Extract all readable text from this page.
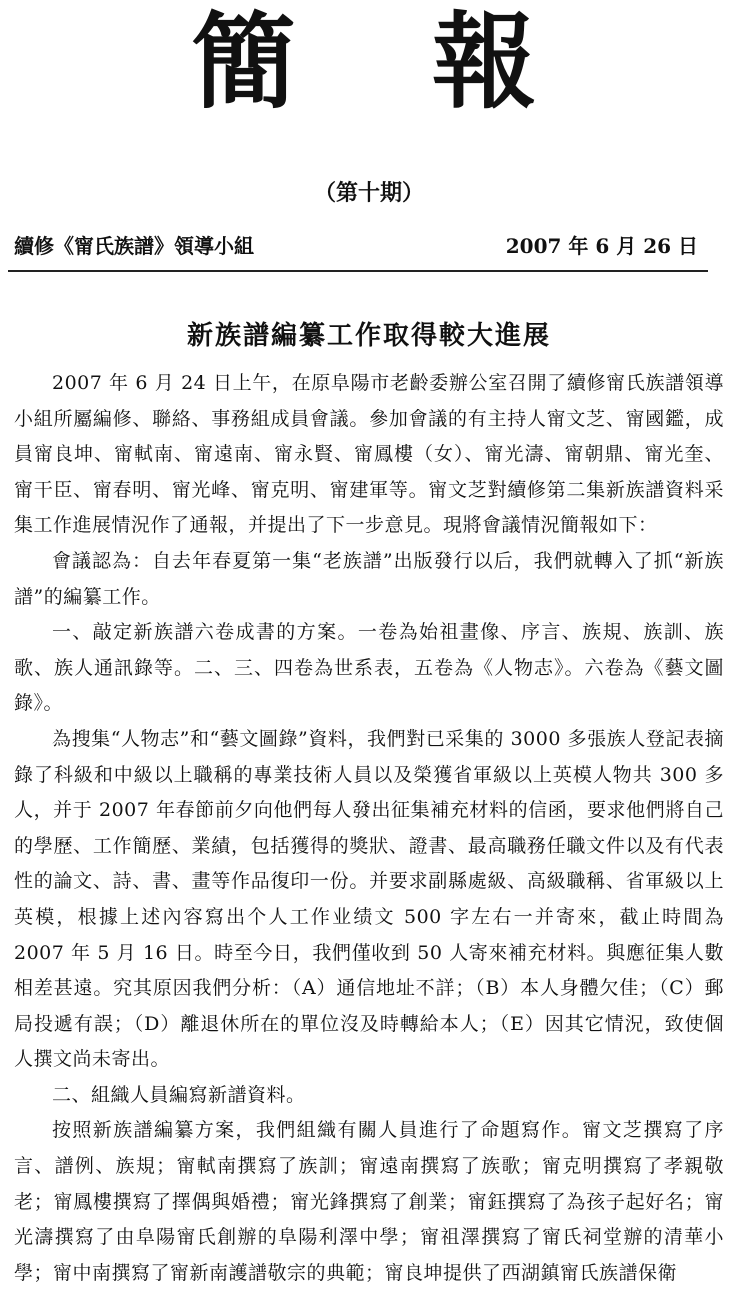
簡 報
（第十期）
續修《甯氏族譜》領導小組	2007 年 6 月 26 日
新族譜編纂工作取得較大進展

2007 年 6 月 24 日上午，在原阜陽市老齡委辦公室召開了續修甯氏族譜領導小組所屬編修、聯絡、事務組成員會議。參加會議的有主持人甯文芝、甯國鑑，成員甯良坤、甯軾南、甯遠南、甯永賢、甯鳳樓（女）、甯光濤、甯朝鼎、甯光奎、甯干臣、甯春明、甯光峰、甯克明、甯建軍等。甯文芝對續修第二集新族譜資料采集工作進展情況作了通報，并提出了下一步意見。現將會議情況簡報如下：

會議認為：自去年春夏第一集“老族譜”出版發行以后，我們就轉入了抓“新族譜”的編纂工作。

一、敲定新族譜六卷成書的方案。一卷為始祖畫像、序言、族規、族訓、族歌、族人通訊錄等。二、三、四卷為世系表，五卷為《人物志》。六卷為《藝文圖錄》。

為搜集“人物志”和“藝文圖錄”資料，我們對已采集的 3000 多張族人登記表摘錄了科級和中級以上職稱的專業技術人員以及榮獲省軍級以上英模人物共 300 多人，并于 2007 年春節前夕向他們每人發出征集補充材料的信函，要求他們將自己的學歷、工作簡歷、業績，包括獲得的獎狀、證書、最高職務任職文件以及有代表性的論文、詩、書、畫等作品復印一份。并要求副縣處級、高級職稱、省軍級以上英模，根據上述內容寫出个人工作业绩文 500 字左右一并寄來，截止時間為 2007 年 5 月 16 日。時至今日，我們僅收到 50 人寄來補充材料。與應征集人數相差甚遠。究其原因我們分析：（A）通信地址不詳；（B）本人身體欠佳；（C）郵局投遞有誤；（D）離退休所在的單位沒及時轉給本人；（E）因其它情況，致使個人撰文尚未寄出。

二、組織人員編寫新譜資料。

按照新族譜編纂方案，我們組織有關人員進行了命題寫作。甯文芝撰寫了序言、譜例、族規；甯軾南撰寫了族訓；甯遠南撰寫了族歌；甯克明撰寫了孝親敬老；甯鳳樓撰寫了擇偶與婚禮；甯光鋒撰寫了創業；甯鈺撰寫了為孩子起好名；甯光濤撰寫了由阜陽甯氏創辦的阜陽利澤中學；甯祖澤撰寫了甯氏祠堂辦的清華小學；甯中南撰寫了甯新南護譜敬宗的典範；甯良坤提供了西湖鎮甯氏族譜保衛
